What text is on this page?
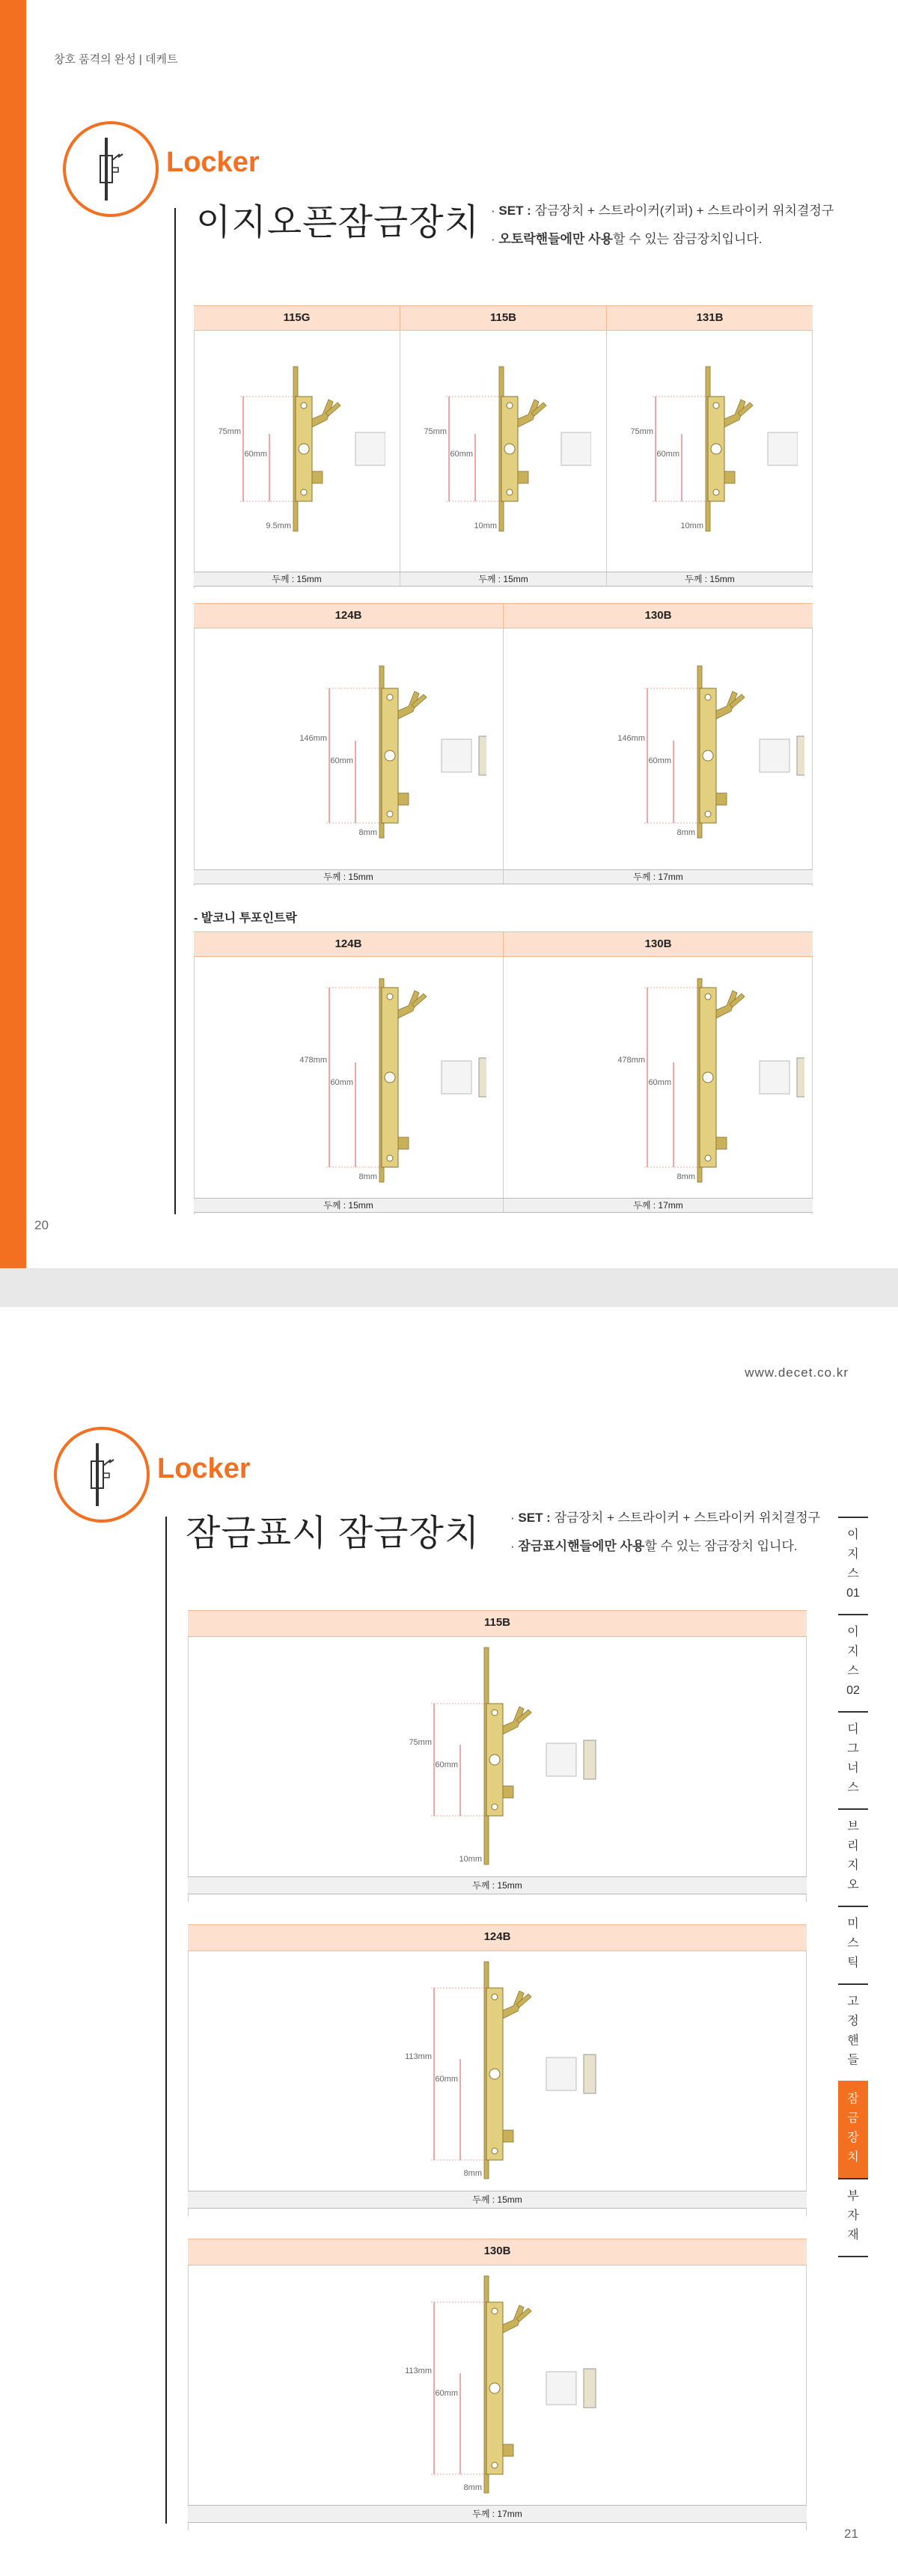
창호 품격의 완성 | 데케트
Locker
이지오픈잠금장치 · SET : 잠금장치 + 스트라이커(키퍼) + 스트라이커 위치결정구
· 오토락핸들에만 사용할 수 있는 잠금장치입니다.
115G	115B	131B
두께 : 15mm	두께 : 15mm	두께 : 15mm
75mm
60mm
9.5mm
75mm
60mm
10mm
75mm
60mm
10mm
124B	130B
두께 : 15mm	두께 : 17mm
146mm
60mm
8mm
146mm
60mm
8mm
- 발코니 투포인트락
124B	130B
두께 : 15mm	두께 : 17mm
478mm
60mm
8mm
478mm
60mm
8mm
20
www.decet.co.kr
Locker
잠금표시 잠금장치 · SET : 잠금장치 + 스트라이커 + 스트라이커 위치결정구
· 잠금표시핸들에만 사용할 수 있는 잠금장치 입니다.
115B
75mm
60mm
10mm
두께 : 15mm
124B
113mm
60mm
8mm
두께 : 15mm
130B
113mm
60mm
8mm
두께 : 17mm
이
지
스
01
이
지
스
02
디
그
너
스
브
리
지
오
미
스
틱
고
정
핸
들
잠
금
장
치
부
자
재
21
